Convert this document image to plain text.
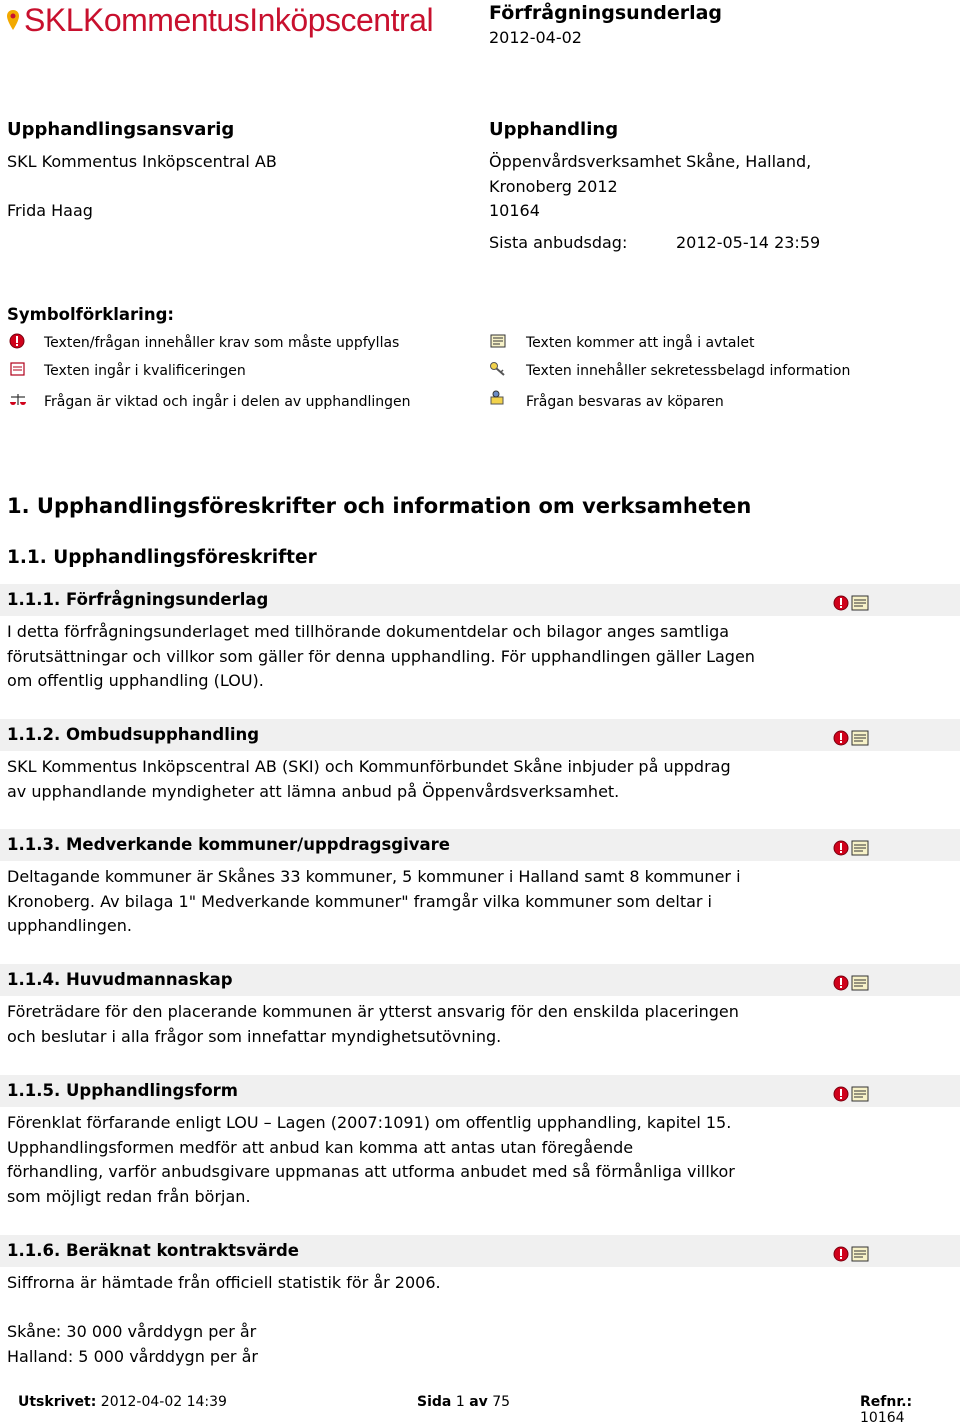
SKL Kommentus Inköpscentral	Förfrågningsunderlag
2012-04-02
Upphandlingsansvarig
SKL Kommentus Inköpscentral AB
Frida Haag
Upphandling
Öppenvårdsverksamhet Skåne, Halland,
Kronoberg 2012
10164
Sista anbudsdag:	2012-05-14 23:59
Symbolförklaring:
Texten/frågan innehåller krav som måste uppfyllas	Texten kommer att ingå i avtalet
Texten ingår i kvalificeringen	Texten innehåller sekretessbelagd information
Frågan är viktad och ingår i delen av upphandlingen	Frågan besvaras av köparen
1. Upphandlingsföreskrifter och information om verksamheten
1.1. Upphandlingsföreskrifter
1.1.1. Förfrågningsunderlag
I detta förfrågningsunderlaget med tillhörande dokumentdelar och bilagor anges samtliga
förutsättningar och villkor som gäller för denna upphandling. För upphandlingen gäller Lagen
om offentlig upphandling (LOU).
1.1.2. Ombudsupphandling
SKL Kommentus Inköpscentral AB (SKI) och Kommunförbundet Skåne inbjuder på uppdrag
av upphandlande myndigheter att lämna anbud på Öppenvårdsverksamhet.
1.1.3. Medverkande kommuner/uppdragsgivare
Deltagande kommuner är Skånes 33 kommuner, 5 kommuner i Halland samt 8 kommuner i
Kronoberg. Av bilaga 1" Medverkande kommuner" framgår vilka kommuner som deltar i
upphandlingen.
1.1.4. Huvudmannaskap
Företrädare för den placerande kommunen är ytterst ansvarig för den enskilda placeringen
och beslutar i alla frågor som innefattar myndighetsutövning.
1.1.5. Upphandlingsform
Förenklat förfarande enligt LOU – Lagen (2007:1091) om offentlig upphandling, kapitel 15.
Upphandlingsformen medför att anbud kan komma att antas utan föregående
förhandling, varför anbudsgivare uppmanas att utforma anbudet med så förmånliga villkor
som möjligt redan från början.
1.1.6. Beräknat kontraktsvärde
Siffrorna är hämtade från officiell statistik för år 2006.
Skåne: 30 000 vårddygn per år
Halland: 5 000 vårddygn per år
Utskrivet: 2012-04-02 14:39	Sida 1 av 75	Refnr.: 10164
